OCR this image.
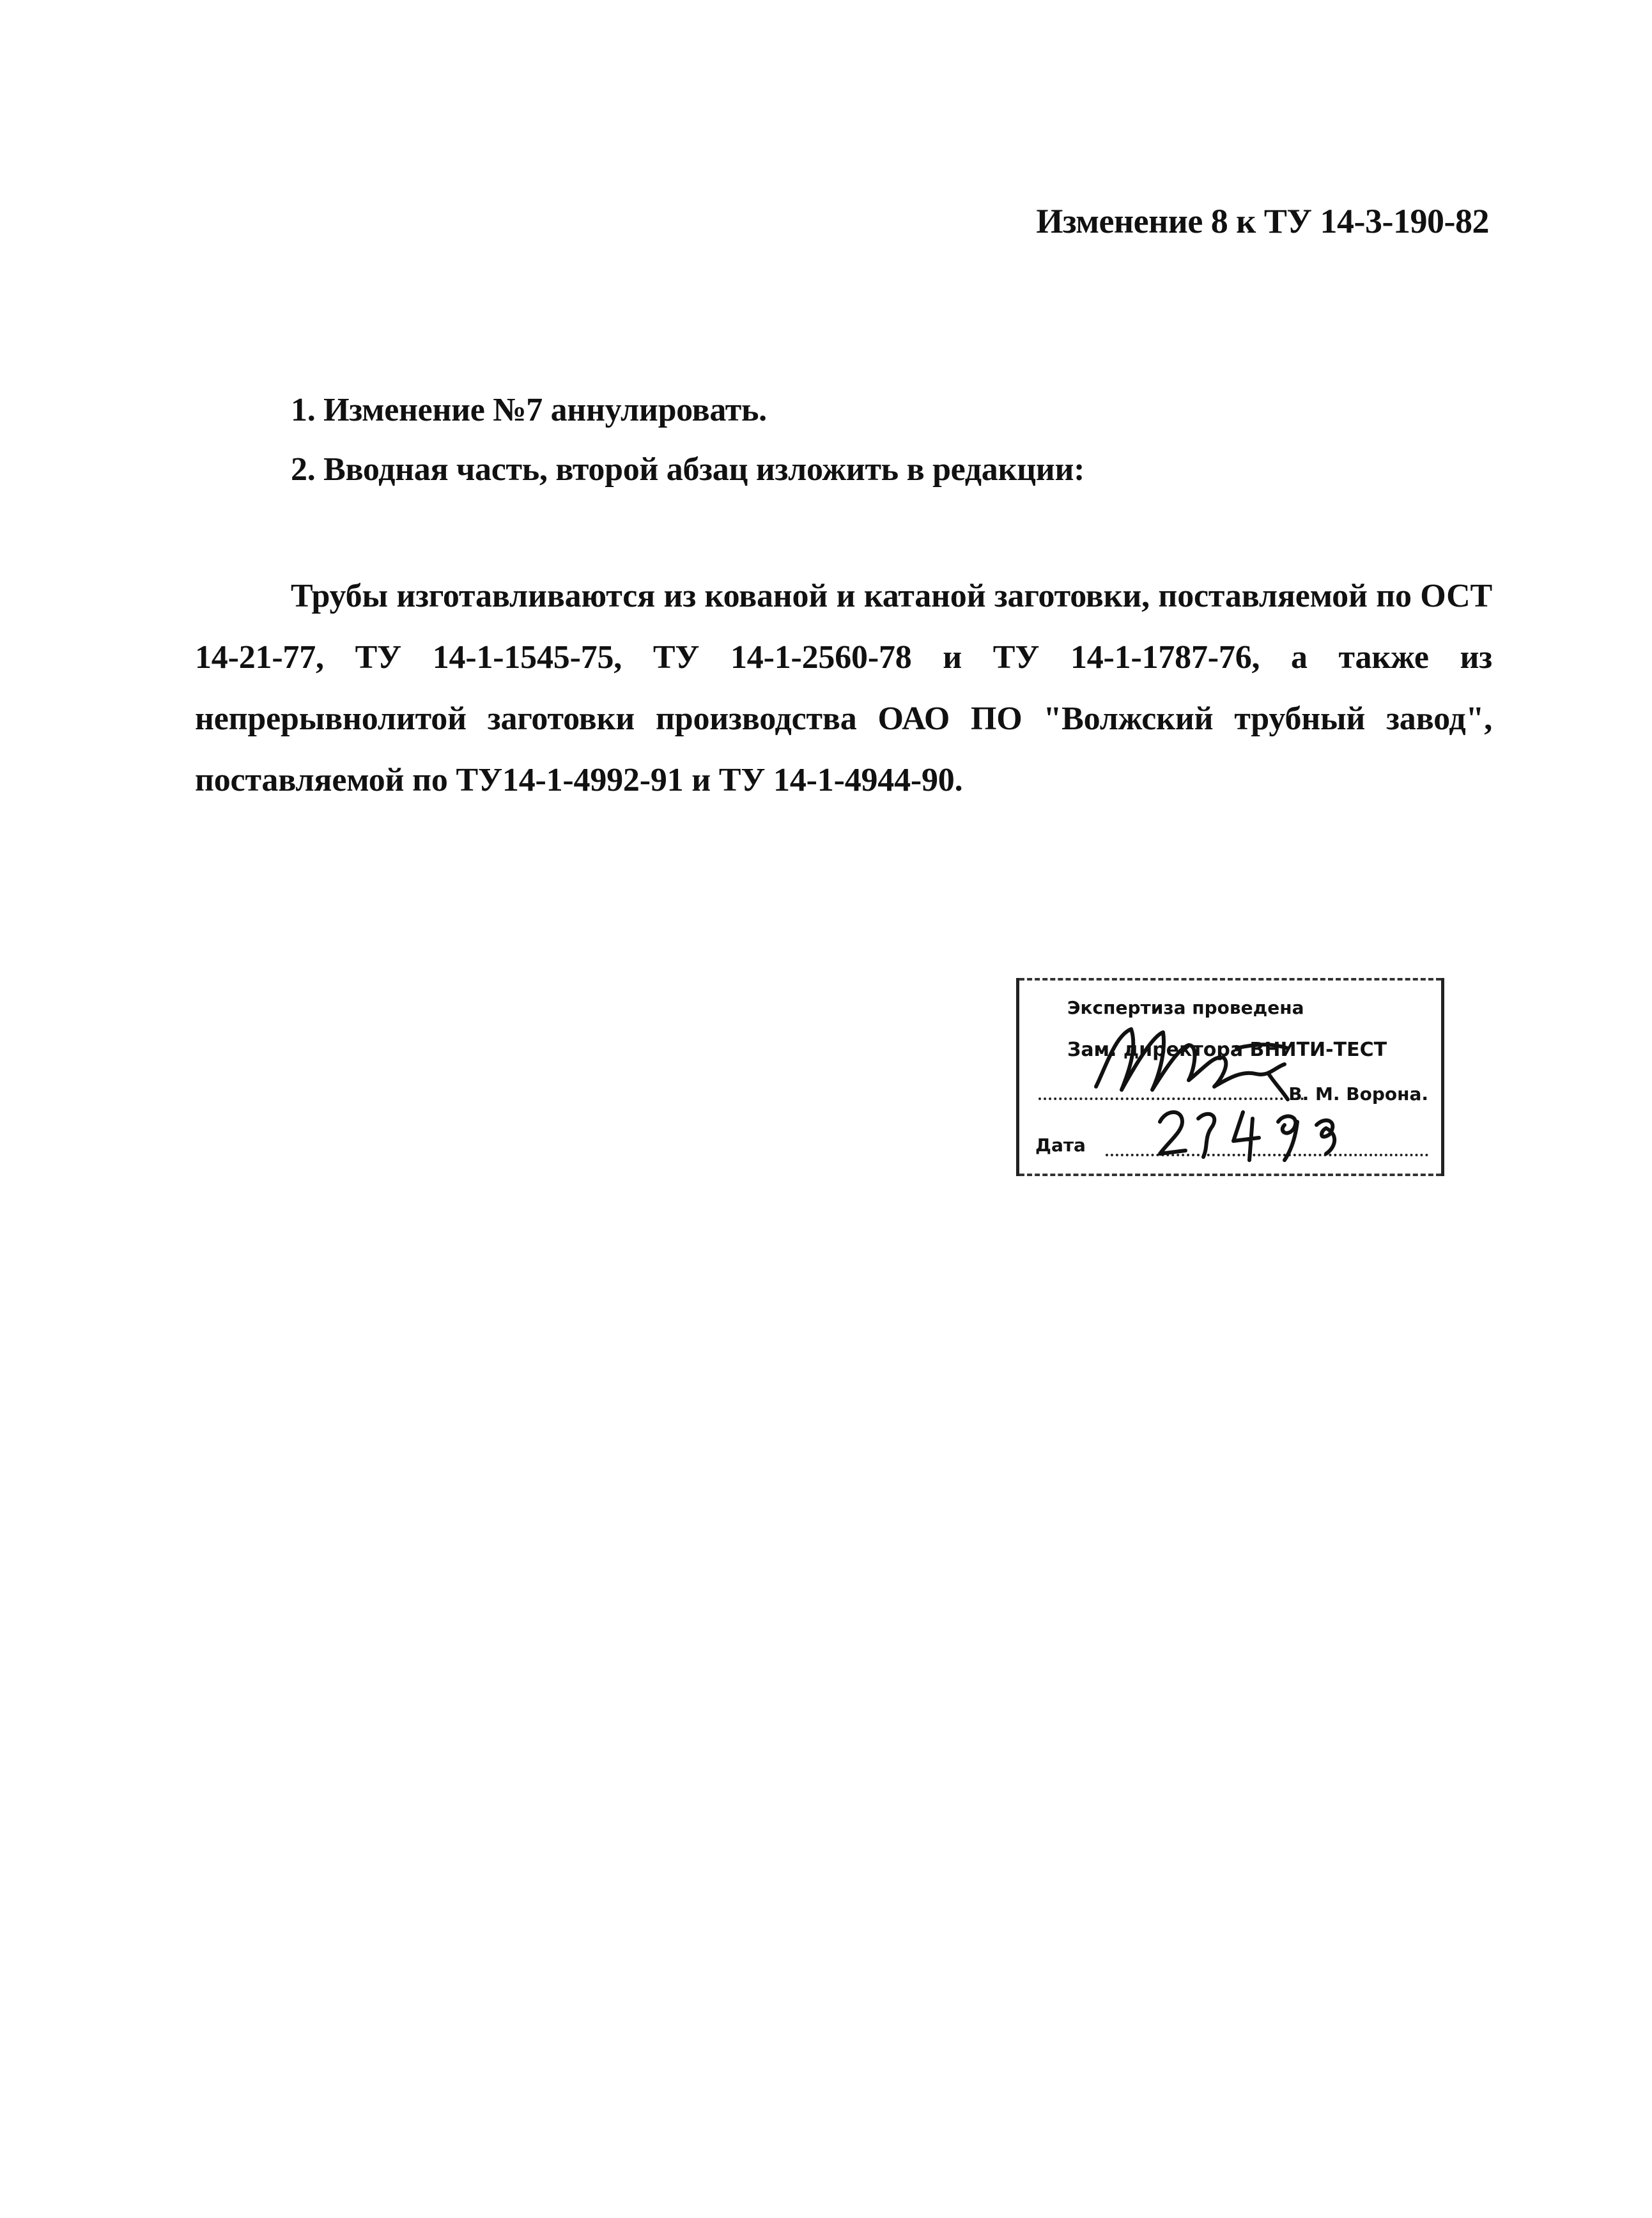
Изменение 8 к ТУ 14-3-190-82
1. Изменение №7 аннулировать.
2. Вводная часть, второй абзац изложить в редакции:
Трубы изготавливаются из кованой и катаной заготовки, поставляемой по ОСТ
14-21-77, ТУ 14-1-1545-75, ТУ 14-1-2560-78 и ТУ 14-1-1787-76, а также из
непрерывнолитой заготовки производства ОАО ПО "Волжский трубный завод",
поставляемой по ТУ14-1-4992-91 и ТУ 14-1-4944-90.
Экспертиза проведена
Зам. директора ВНИТИ-ТЕСТ
В. М. Ворона.
Дата
